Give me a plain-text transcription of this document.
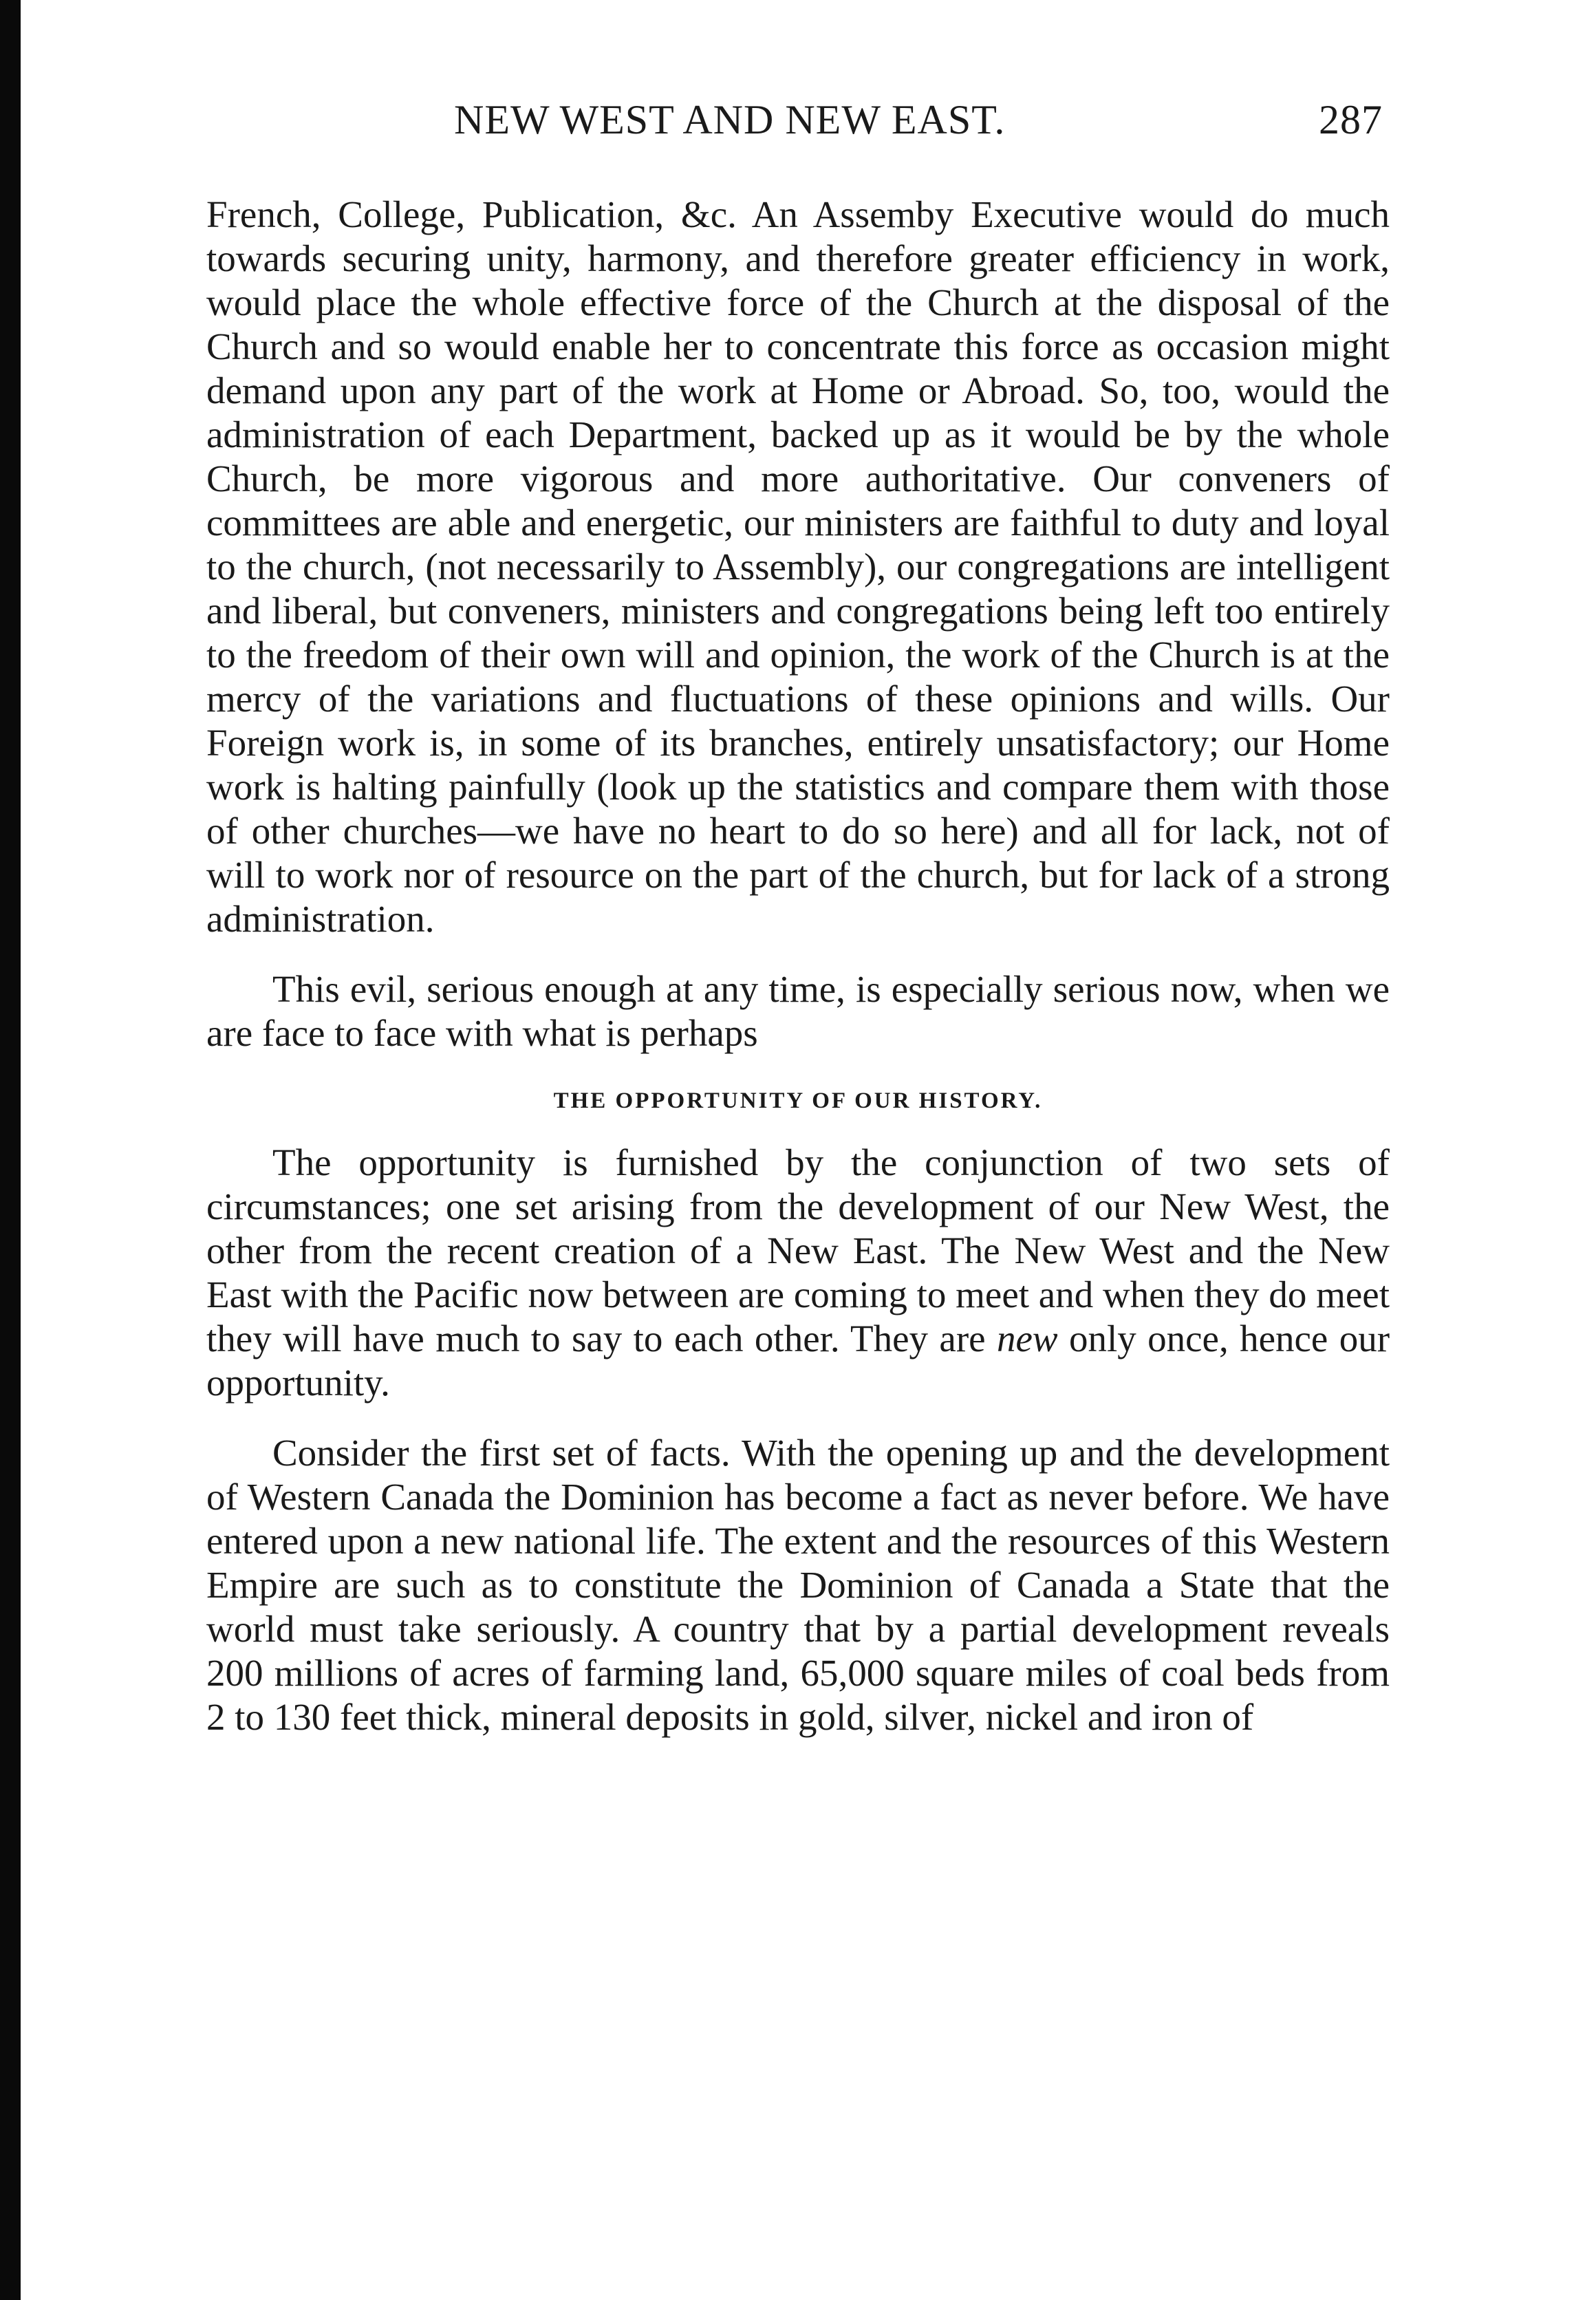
NEW WEST AND NEW EAST.	287

French, College, Publication, &c. An Assemby Executive would do much towards securing unity, harmony, and therefore greater efficiency in work, would place the whole effective force of the Church at the disposal of the Church and so would enable her to concentrate this force as occasion might demand upon any part of the work at Home or Abroad. So, too, would the administration of each Department, backed up as it would be by the whole Church, be more vigorous and more authoritative. Our conveners of committees are able and energetic, our ministers are faithful to duty and loyal to the church, (not necessarily to Assembly), our congregations are intelligent and liberal, but conveners, ministers and congregations being left too entirely to the freedom of their own will and opinion, the work of the Church is at the mercy of the variations and fluctuations of these opinions and wills. Our Foreign work is, in some of its branches, entirely unsatisfactory; our Home work is halting painfully (look up the statistics and compare them with those of other churches—we have no heart to do so here) and all for lack, not of will to work nor of resource on the part of the church, but for lack of a strong administration.

This evil, serious enough at any time, is especially serious now, when we are face to face with what is perhaps

THE OPPORTUNITY OF OUR HISTORY.

The opportunity is furnished by the conjunction of two sets of circumstances; one set arising from the development of our New West, the other from the recent creation of a New East. The New West and the New East with the Pacific now between are coming to meet and when they do meet they will have much to say to each other. They are new only once, hence our opportunity.

Consider the first set of facts. With the opening up and the development of Western Canada the Dominion has become a fact as never before. We have entered upon a new national life. The extent and the resources of this Western Empire are such as to constitute the Dominion of Canada a State that the world must take seriously. A country that by a partial development reveals 200 millions of acres of farming land, 65,000 square miles of coal beds from 2 to 130 feet thick, mineral deposits in gold, silver, nickel and iron of
